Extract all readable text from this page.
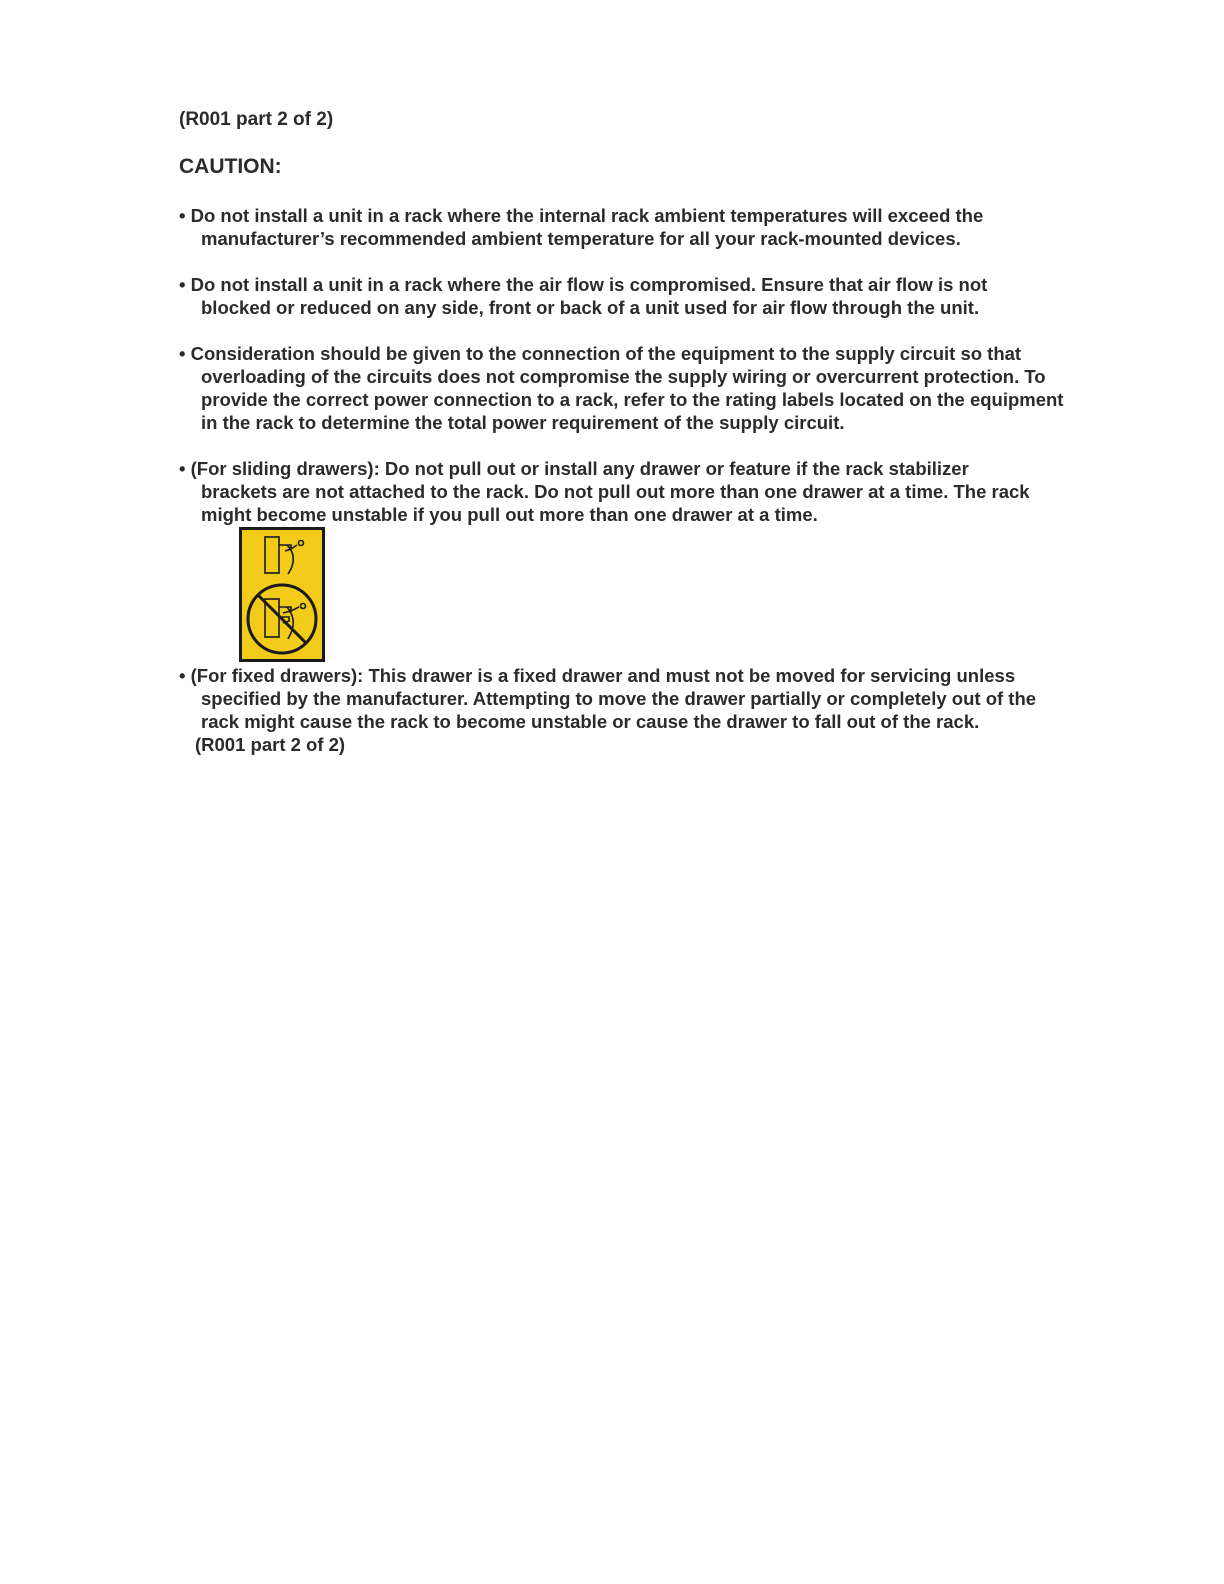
(R001 part 2 of 2)
CAUTION:
• Do not install a unit in a rack where the internal rack ambient temperatures will exceed the
manufacturer’s recommended ambient temperature for all your rack-mounted devices.
• Do not install a unit in a rack where the air flow is compromised. Ensure that air flow is not
blocked or reduced on any side, front or back of a unit used for air flow through the unit.
• Consideration should be given to the connection of the equipment to the supply circuit so that
overloading of the circuits does not compromise the supply wiring or overcurrent protection. To
provide the correct power connection to a rack, refer to the rating labels located on the equipment
in the rack to determine the total power requirement of the supply circuit.
• (For sliding drawers): Do not pull out or install any drawer or feature if the rack stabilizer
brackets are not attached to the rack. Do not pull out more than one drawer at a time. The rack
might become unstable if you pull out more than one drawer at a time.
• (For fixed drawers): This drawer is a fixed drawer and must not be moved for servicing unless
specified by the manufacturer. Attempting to move the drawer partially or completely out of the
rack might cause the rack to become unstable or cause the drawer to fall out of the rack.
(R001 part 2 of 2)
